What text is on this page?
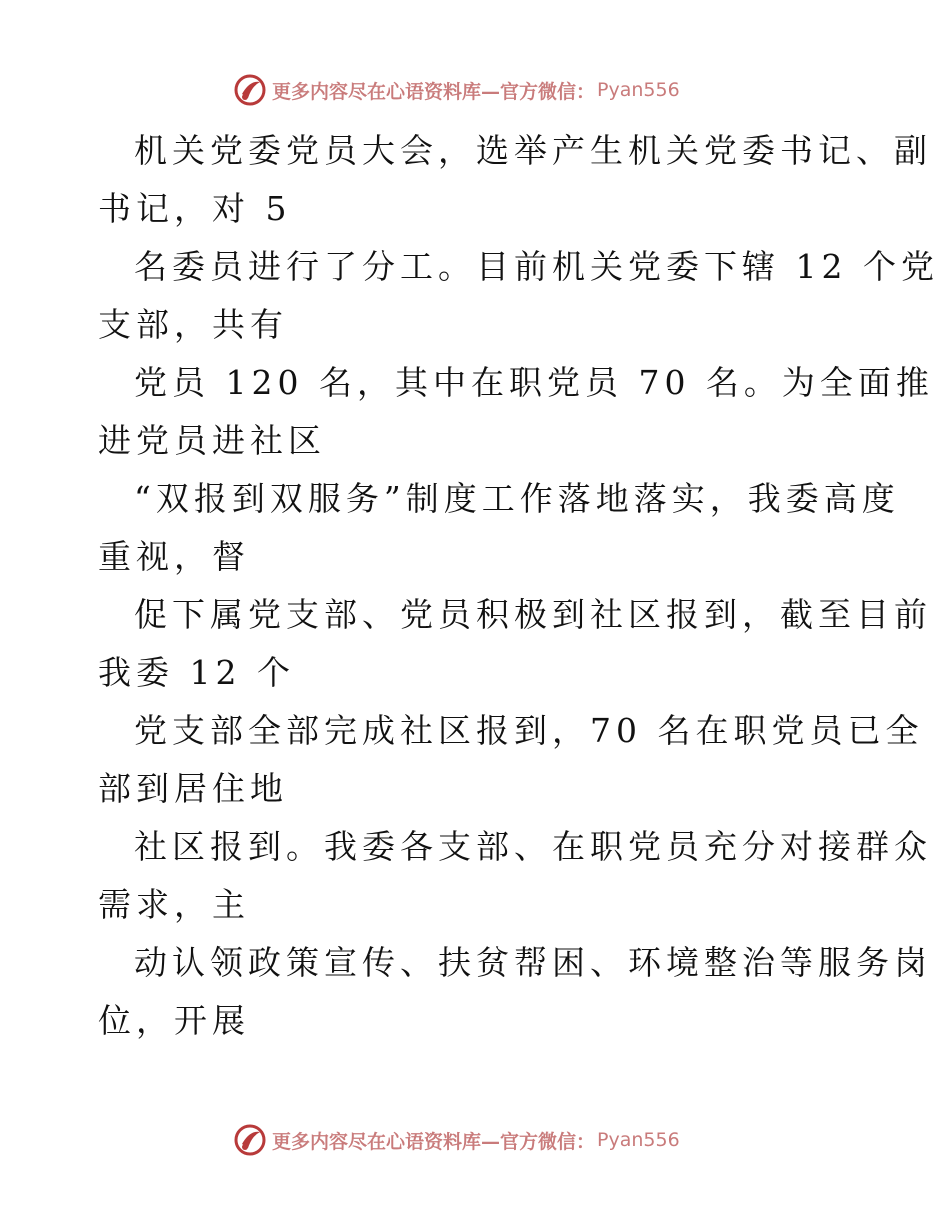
更多内容尽在心语资料库—官方微信： Pyan556
机关党委党员大会，选举产生机关党委书记、副
书记，对 5
名委员进行了分工。目前机关党委下辖 12 个党
支部，共有
党员 120 名，其中在职党员 70 名。为全面推
进党员进社区
“双报到双服务”制度工作落地落实，我委高度
重视，督
促下属党支部、党员积极到社区报到，截至目前
我委 12 个
党支部全部完成社区报到，70 名在职党员已全
部到居住地
社区报到。我委各支部、在职党员充分对接群众
需求，主
动认领政策宣传、扶贫帮困、环境整治等服务岗
位，开展
更多内容尽在心语资料库—官方微信： Pyan556
